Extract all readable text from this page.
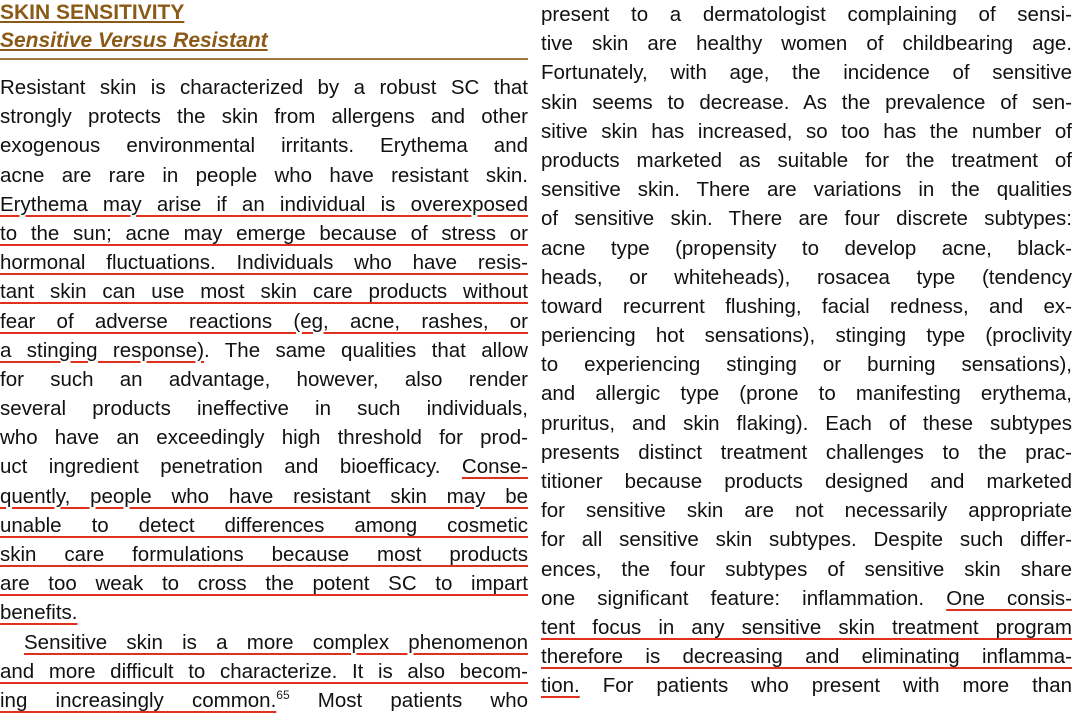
SKIN SENSITIVITY
Sensitive Versus Resistant
Resistant skin is characterized by a robust SC that
strongly protects the skin from allergens and other
exogenous environmental irritants. Erythema and
acne are rare in people who have resistant skin.
Erythema may arise if an individual is overexposed
to the sun; acne may emerge because of stress or
hormonal fluctuations. Individuals who have resis-
tant skin can use most skin care products without
fear of adverse reactions (eg, acne, rashes, or
a stinging response). The same qualities that allow
for such an advantage, however, also render
several products ineffective in such individuals,
who have an exceedingly high threshold for prod-
uct ingredient penetration and bioefficacy. Conse-
quently, people who have resistant skin may be
unable to detect differences among cosmetic
skin care formulations because most products
are too weak to cross the potent SC to impart
benefits.
Sensitive skin is a more complex phenomenon
and more difficult to characterize. It is also becom-
ing increasingly common.$^{65}$ Most patients who
present to a dermatologist complaining of sensi-
tive skin are healthy women of childbearing age.
Fortunately, with age, the incidence of sensitive
skin seems to decrease. As the prevalence of sen-
sitive skin has increased, so too has the number of
products marketed as suitable for the treatment of
sensitive skin. There are variations in the qualities
of sensitive skin. There are four discrete subtypes:
acne type (propensity to develop acne, black-
heads, or whiteheads), rosacea type (tendency
toward recurrent flushing, facial redness, and ex-
periencing hot sensations), stinging type (proclivity
to experiencing stinging or burning sensations),
and allergic type (prone to manifesting erythema,
pruritus, and skin flaking). Each of these subtypes
presents distinct treatment challenges to the prac-
titioner because products designed and marketed
for sensitive skin are not necessarily appropriate
for all sensitive skin subtypes. Despite such differ-
ences, the four subtypes of sensitive skin share
one significant feature: inflammation. One consis-
tent focus in any sensitive skin treatment program
therefore is decreasing and eliminating inflamma-
tion. For patients who present with more than
